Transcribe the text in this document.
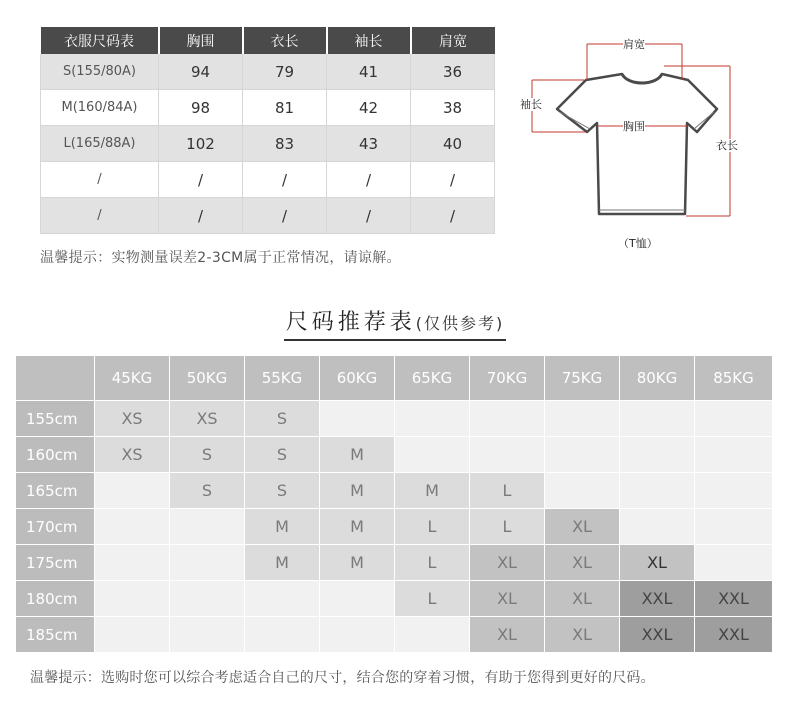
衣服尺码表	胸围	衣长	袖长	肩宽
S(155/80A)	94	79	41	36
M(160/84A)	98	81	42	38
L(165/88A)	102	83	43	40
/	/	/	/	/
/	/	/	/	/
温馨提示：实物测量误差2-3CM属于正常情况，请谅解。
肩宽
袖长
胸围
衣长
（T恤）
尺码推荐表(仅供参考)
	45KG	50KG	55KG	60KG	65KG	70KG	75KG	80KG	85KG
155cm	XS	XS	S						
160cm	XS	S	S	M					
165cm		S	S	M	M	L			
170cm			M	M	L	L	XL		
175cm			M	M	L	XL	XL	XL	
180cm					L	XL	XL	XXL	XXL
185cm						XL	XL	XXL	XXL
温馨提示：选购时您可以综合考虑适合自己的尺寸，结合您的穿着习惯，有助于您得到更好的尺码。
